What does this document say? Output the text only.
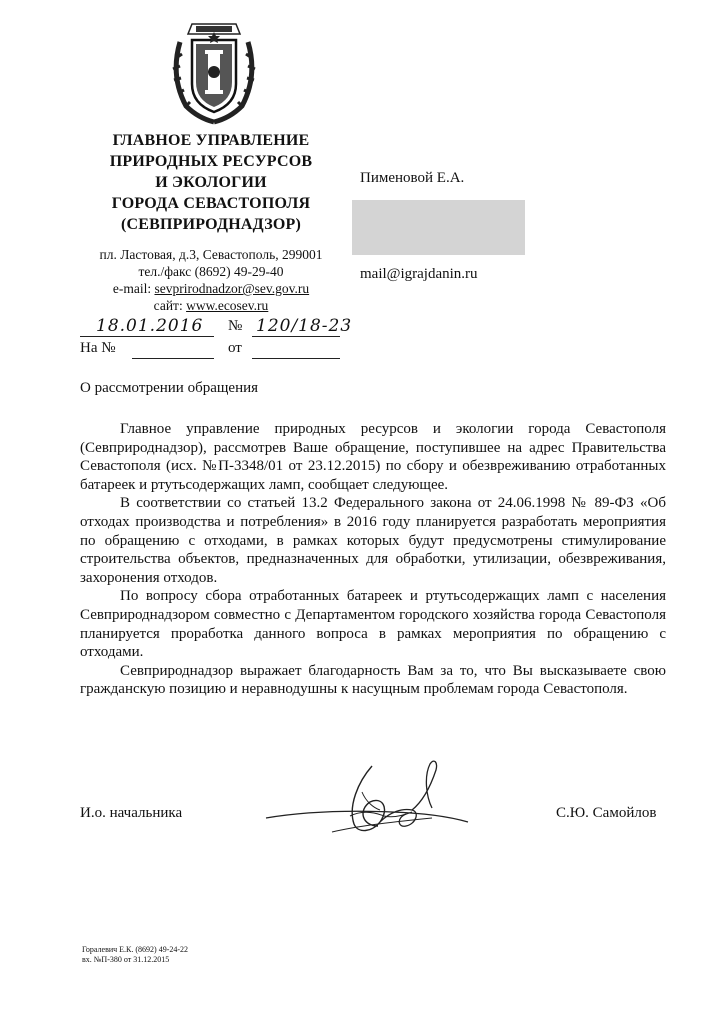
ГЛАВНОЕ УПРАВЛЕНИЕ
ПРИРОДНЫХ РЕСУРСОВ
И ЭКОЛОГИИ
ГОРОДА СЕВАСТОПОЛЯ
(СЕВПРИРОДНАДЗОР)
пл. Ластовая, д.3, Севастополь, 299001
тел./факс (8692) 49-29-40
e-mail: sevprirodnadzor@sev.gov.ru
сайт: www.ecosev.ru
Пименовой Е.А.
mail@igrajdanin.ru
18.01.2016 № 120/18-23
На №	от
О рассмотрении обращения

Главное управление природных ресурсов и экологии города Севастополя (Севприроднадзор), рассмотрев Ваше обращение, поступившее на адрес Правительства Севастополя (исх. №П-3348/01 от 23.12.2015) по сбору и обезвреживанию отработанных батареек и ртутьсодержащих ламп, сообщает следующее.

В соответствии со статьей 13.2 Федерального закона от 24.06.1998 № 89-ФЗ «Об отходах производства и потребления» в 2016 году планируется разработать мероприятия по обращению с отходами, в рамках которых будут предусмотрены стимулирование строительства объектов, предназначенных для обработки, утилизации, обезвреживания, захоронения отходов.

По вопросу сбора отработанных батареек и ртутьсодержащих ламп с населения Севприроднадзором совместно с Департаментом городского хозяйства города Севастополя планируется проработка данного вопроса в рамках мероприятия по обращению с отходами.

Севприроднадзор выражает благодарность Вам за то, что Вы высказываете свою гражданскую позицию и неравнодушны к насущным проблемам города Севастополя.

И.о. начальника	С.Ю. Самойлов
Горалевич Е.К. (8692) 49-24-22
вх. №П-380 от 31.12.2015
